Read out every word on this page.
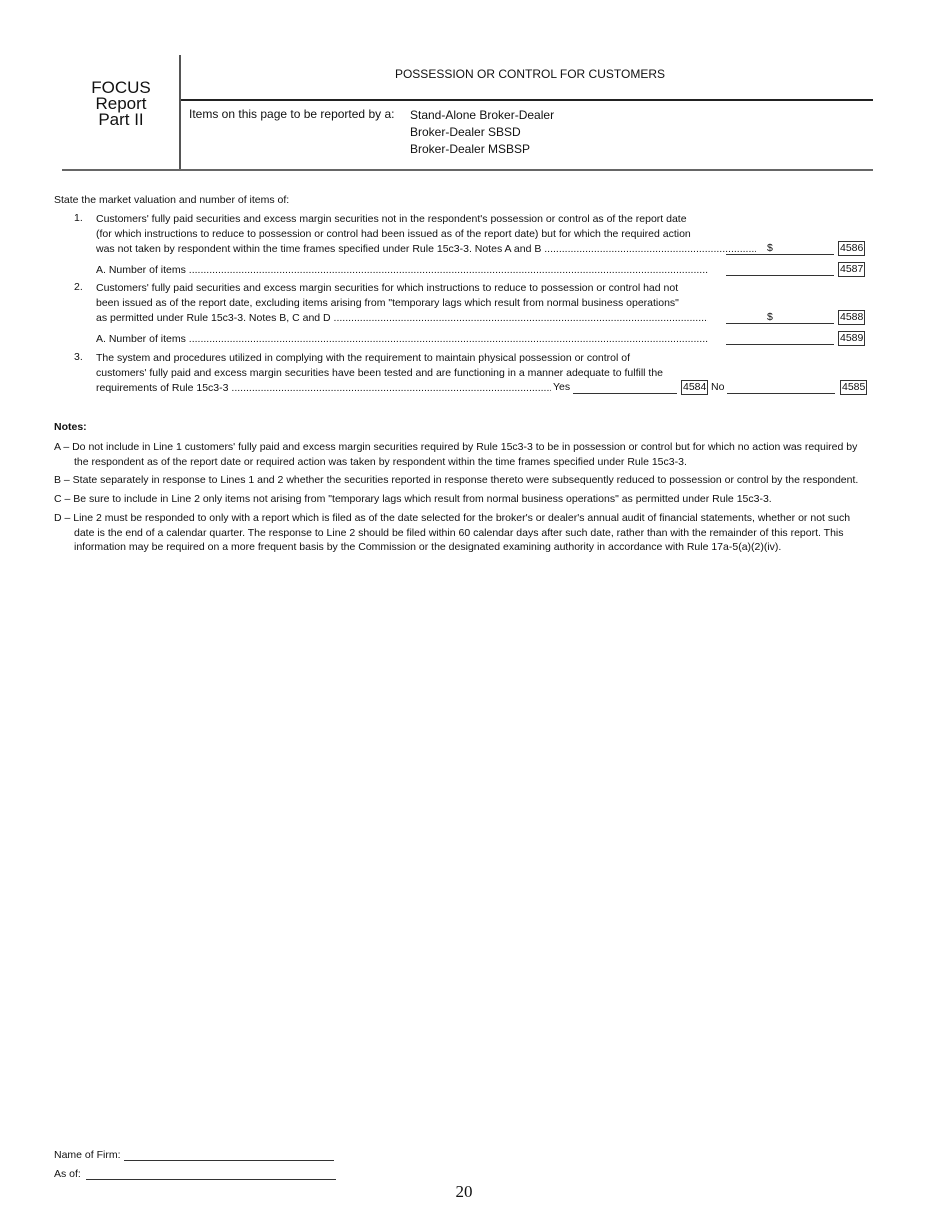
FOCUS
Report
Part II
POSSESSION OR CONTROL FOR CUSTOMERS
Items on this page to be reported by a: Stand-Alone Broker-Dealer
Broker-Dealer SBSD
Broker-Dealer MSBSP
State the market valuation and number of items of:
1. Customers' fully paid securities and excess margin securities not in the respondent's possession or control as of the report date
(for which instructions to reduce to possession or control had been issued as of the report date) but for which the required action
was not taken by respondent within the time frames specified under Rule 15c3-3. Notes A and B .....	$	4586
A. Number of items .....	4587
2. Customers' fully paid securities and excess margin securities for which instructions to reduce to possession or control had not
been issued as of the report date, excluding items arising from "temporary lags which result from normal business operations"
as permitted under Rule 15c3-3. Notes B, C and D .....	$	4588
A. Number of items .....	4589
3. The system and procedures utilized in complying with the requirement to maintain physical possession or control of
customers' fully paid and excess margin securities have been tested and are functioning in a manner adequate to fulfill the
requirements of Rule 15c3-3 .....	Yes	4584 No	4585
Notes:
A – Do not include in Line 1 customers' fully paid and excess margin securities required by Rule 15c3-3 to be in possession or control but for which no action was required by the respondent as of the report date or required action was taken by respondent within the time frames specified under Rule 15c3-3.
B – State separately in response to Lines 1 and 2 whether the securities reported in response thereto were subsequently reduced to possession or control by the respondent.
C – Be sure to include in Line 2 only items not arising from "temporary lags which result from normal business operations" as permitted under Rule 15c3-3.
D – Line 2 must be responded to only with a report which is filed as of the date selected for the broker's or dealer's annual audit of financial statements, whether or not such date is the end of a calendar quarter. The response to Line 2 should be filed within 60 calendar days after such date, rather than with the remainder of this report. This information may be required on a more frequent basis by the Commission or the designated examining authority in accordance with Rule 17a-5(a)(2)(iv).
Name of Firm:
As of:
20
